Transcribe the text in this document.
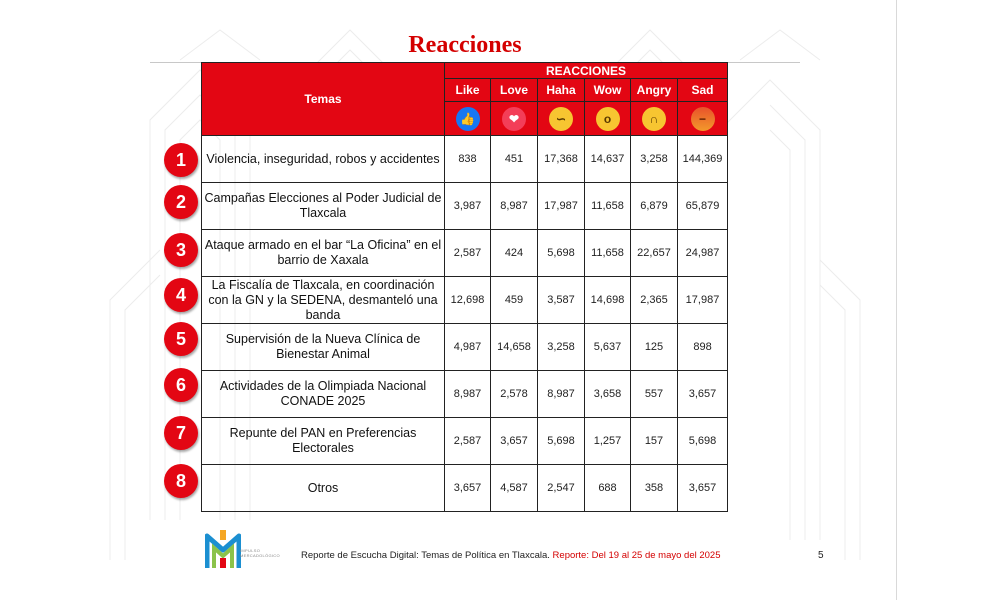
Reacciones
Temas	REACCIONES					
	Like	Love	Haha	Wow	Angry	Sad
	👍	❤	∽	o	∩	−
Violencia, inseguridad, robos y accidentes	838	451	17,368	14,637	3,258	144,369
Campañas Elecciones al Poder Judicial de Tlaxcala	3,987	8,987	17,987	11,658	6,879	65,879
Ataque armado en el bar “La Oficina” en el barrio de Xaxala	2,587	424	5,698	11,658	22,657	24,987
La Fiscalía de Tlaxcala, en coordinación con la GN y la SEDENA, desmanteló una banda	12,698	459	3,587	14,698	2,365	17,987
Supervisión de la Nueva Clínica de Bienestar Animal	4,987	14,658	3,258	5,637	125	898
Actividades de la Olimpiada Nacional CONADE 2025	8,987	2,578	8,987	3,658	557	3,657
Repunte del PAN en Preferencias Electorales	2,587	3,657	5,698	1,257	157	5,698
Otros	3,657	4,587	2,547	688	358	3,657
1
2
3
4
5
6
7
8
IMPULSO
MERCADOLÓGICO Reporte de Escucha Digital: Temas de Política en Tlaxcala. Reporte: Del 19 al 25 de mayo del 2025	5
